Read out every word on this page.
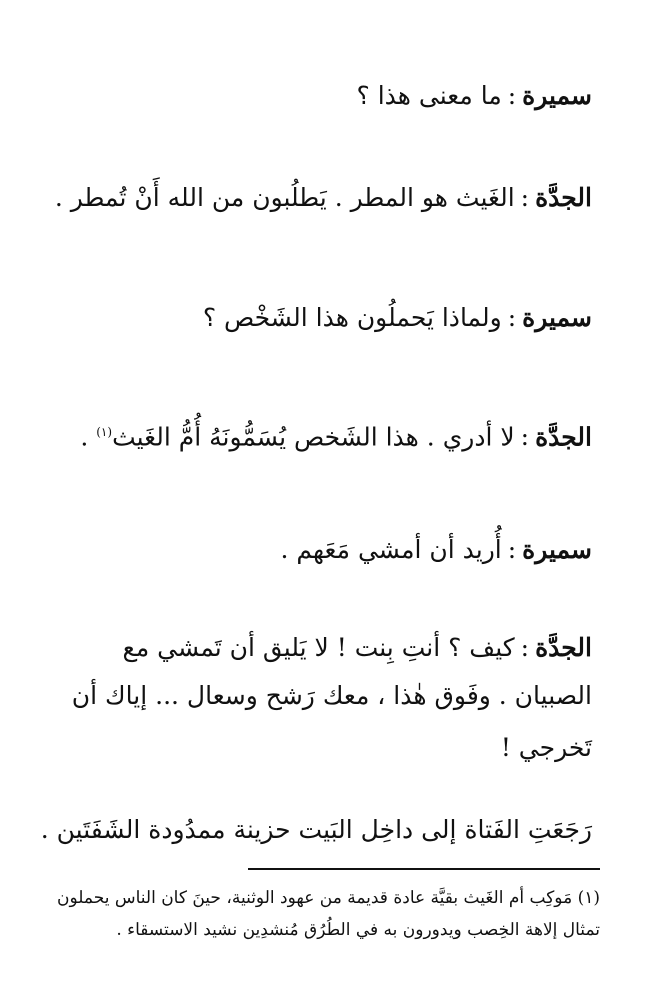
سميرة:ما معنى هذا ؟
الجدَّة:الغَيث هو المطر . يَطلُبون من الله أَنْ تُمطر .
سميرة:ولماذا يَحملُون هذا الشَخْص ؟
الجدَّة:لا أدري . هذا الشَخص يُسَمُّونَهُ أُمُّ الغَيث$^{(١)}$ .
سميرة:أُريد أن أمشي مَعَهم .
الجدَّة:كيف ؟ أنتِ بِنت ! لا يَليق أن تَمشي مع
الصبيان . وفَوق هٰذا ، معك رَشح وسعال ... إياك أن
تَخرجي !
رَجَعَتِ الفَتاة إلى داخِل البَيت حزينة ممدُودة الشَفَتَين .
(١) مَوكِب أم الغَيث بقيَّة عادة قديمة من عهود الوثنية، حينَ كان الناس يحملون
تمثال إلاهة الخِصب ويدورون به في الطُرُق مُنشدِين نشيد الاستسقاء .
